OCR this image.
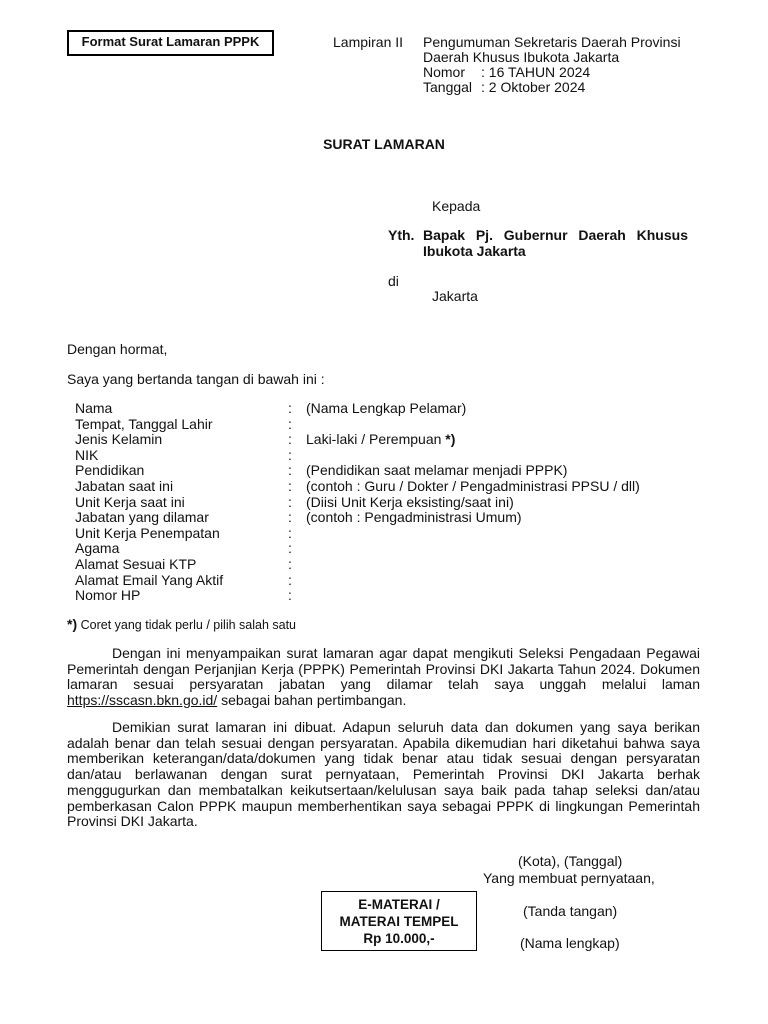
Format Surat Lamaran PPPK	Lampiran II Pengumuman Sekretaris Daerah Provinsi
Daerah Khusus Ibukota Jakarta
Nomor : 16 TAHUN 2024
Tanggal : 2 Oktober 2024
SURAT LAMARAN
Kepada
Yth. Bapak Pj. Gubernur Daerah Khusus Ibukota Jakarta
di
Jakarta
Dengan hormat,
Saya yang bertanda tangan di bawah ini :
Nama	: (Nama Lengkap Pelamar)
Tempat, Tanggal Lahir	:
Jenis Kelamin	: Laki-laki / Perempuan *)
NIK	:
Pendidikan	: (Pendidikan saat melamar menjadi PPPK)
Jabatan saat ini	: (contoh : Guru / Dokter / Pengadministrasi PPSU / dll)
Unit Kerja saat ini	: (Diisi Unit Kerja eksisting/saat ini)
Jabatan yang dilamar	: (contoh : Pengadministrasi Umum)
Unit Kerja Penempatan	:
Agama	:
Alamat Sesuai KTP	:
Alamat Email Yang Aktif	:
Nomor HP	:
*) Coret yang tidak perlu / pilih salah satu
Dengan ini menyampaikan surat lamaran agar dapat mengikuti Seleksi Pengadaan Pegawai Pemerintah dengan Perjanjian Kerja (PPPK) Pemerintah Provinsi DKI Jakarta Tahun 2024. Dokumen lamaran sesuai persyaratan jabatan yang dilamar telah saya unggah melalui laman https://sscasn.bkn.go.id/ sebagai bahan pertimbangan.
Demikian surat lamaran ini dibuat. Adapun seluruh data dan dokumen yang saya berikan adalah benar dan telah sesuai dengan persyaratan. Apabila dikemudian hari diketahui bahwa saya memberikan keterangan/data/dokumen yang tidak benar atau tidak sesuai dengan persyaratan dan/atau berlawanan dengan surat pernyataan, Pemerintah Provinsi DKI Jakarta berhak menggugurkan dan membatalkan keikutsertaan/kelulusan saya baik pada tahap seleksi dan/atau pemberkasan Calon PPPK maupun memberhentikan saya sebagai PPPK di lingkungan Pemerintah Provinsi DKI Jakarta.
(Kota), (Tanggal)
Yang membuat pernyataan,
(Tanda tangan)
(Nama lengkap)
E-MATERAI /
MATERAI TEMPEL
Rp 10.000,-
